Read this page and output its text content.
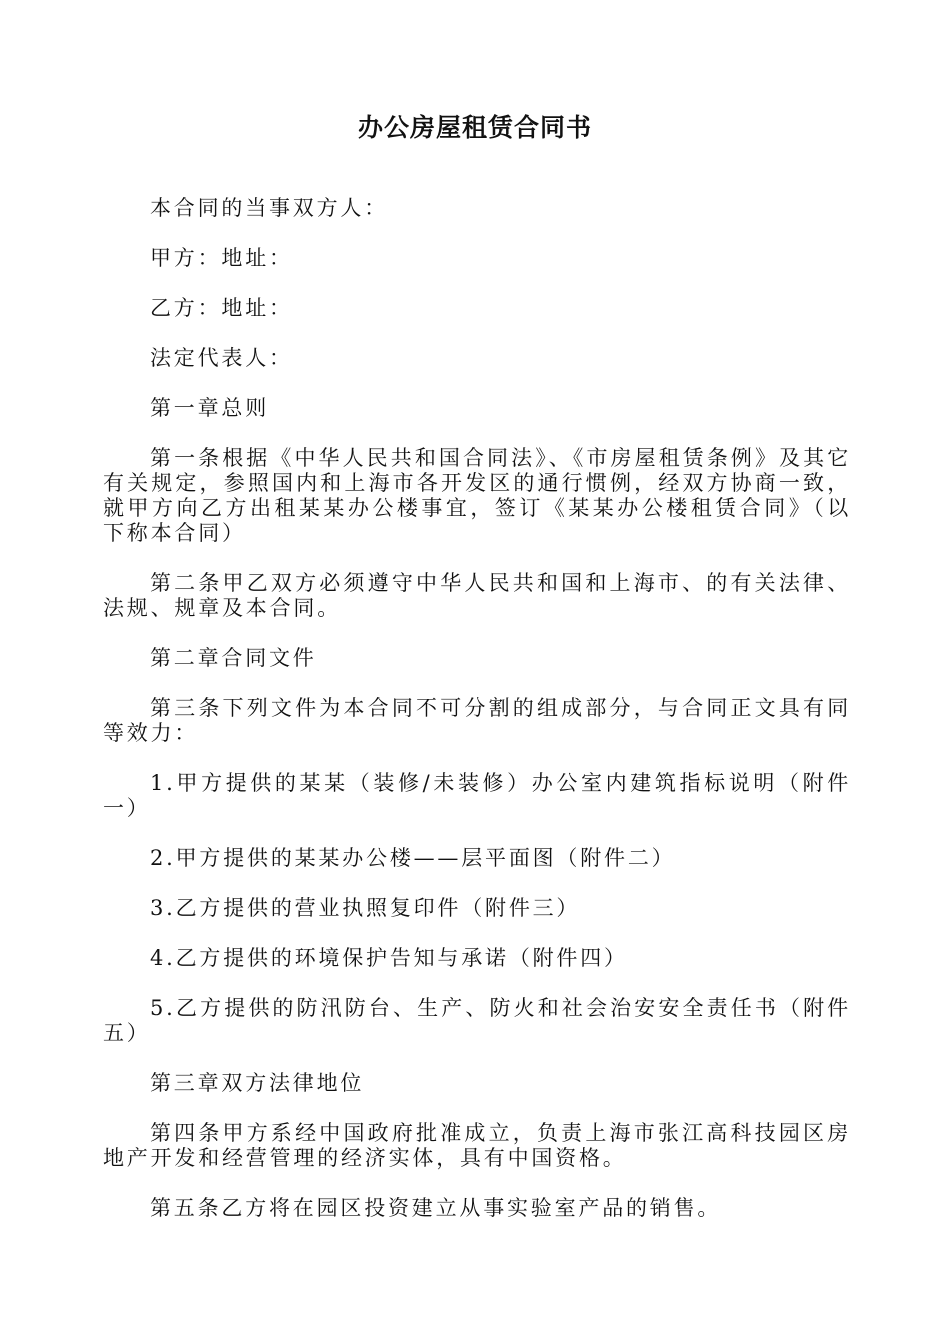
办公房屋租赁合同书

本合同的当事双方人：

甲方：地址：

乙方：地址：

法定代表人：

第一章总则

第一条根据《中华人民共和国合同法》、《市房屋租赁条例》及其它有关规定，参照国内和上海市各开发区的通行惯例，经双方协商一致，就甲方向乙方出租某某办公楼事宜，签订《某某办公楼租赁合同》（以下称本合同）

第二条甲乙双方必须遵守中华人民共和国和上海市、的有关法律、法规、规章及本合同。

第二章合同文件

第三条下列文件为本合同不可分割的组成部分，与合同正文具有同等效力：

1.甲方提供的某某（装修/未装修）办公室内建筑指标说明（附件一）

2.甲方提供的某某办公楼——层平面图（附件二）

3.乙方提供的营业执照复印件（附件三）

4.乙方提供的环境保护告知与承诺（附件四）

5.乙方提供的防汛防台、生产、防火和社会治安安全责任书（附件五）

第三章双方法律地位

第四条甲方系经中国政府批准成立，负责上海市张江高科技园区房地产开发和经营管理的经济实体，具有中国资格。

第五条乙方将在园区投资建立从事实验室产品的销售。
